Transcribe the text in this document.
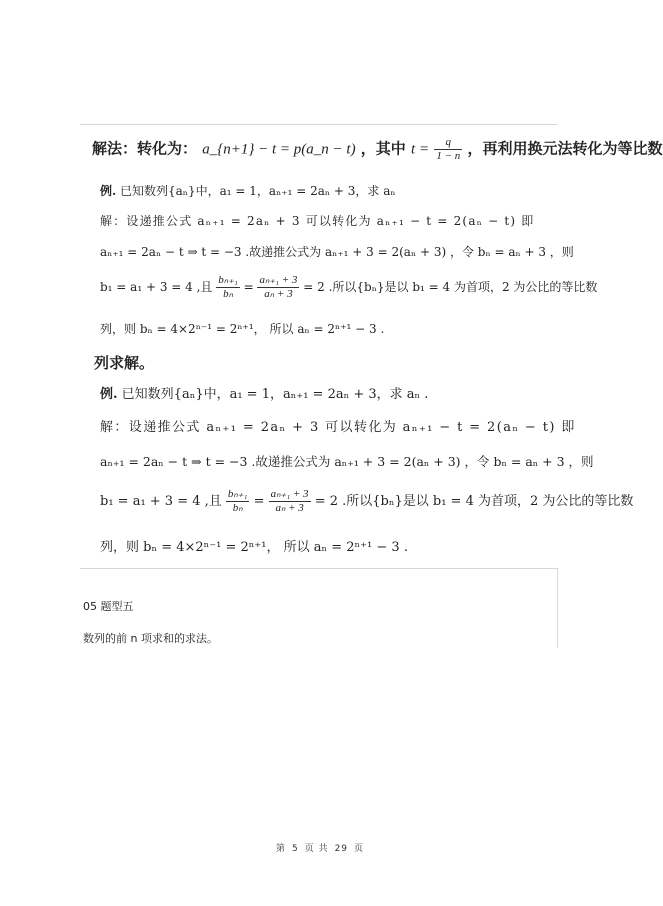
解法：转化为： a_{n+1} − t = p(a_n − t) ，其中 $t = \frac{q}{1 - n}$ ，再利用换元法转化为等比数
例. 已知数列{aₙ}中，a₁ = 1，aₙ₊₁ = 2aₙ + 3，求 aₙ
解：设递推公式 aₙ₊₁ = 2aₙ + 3 可以转化为 aₙ₊₁ − t = 2(aₙ − t) 即
aₙ₊₁ = 2aₙ − t ⇒ t = −3 .故递推公式为 aₙ₊₁ + 3 = 2(aₙ + 3) ，令 bₙ = aₙ + 3 ，则
b₁ = a₁ + 3 = 4 ,且 $\frac{\text{bₙ₊₁}}{\text{bₙ}} = \frac{\text{aₙ₊₁ + 3}}{\text{aₙ + 3}} = 2$ .所以{bₙ}是以 b₁ = 4 为首项，2 为公比的等比数
列，则 bₙ = 4×2ⁿ⁻¹ = 2ⁿ⁺¹， 所以 aₙ = 2ⁿ⁺¹ − 3 .
列求解。
例. 已知数列{aₙ}中，a₁ = 1，aₙ₊₁ = 2aₙ + 3，求 aₙ .
解：设递推公式 aₙ₊₁ = 2aₙ + 3 可以转化为 aₙ₊₁ − t = 2(aₙ − t) 即
aₙ₊₁ = 2aₙ − t ⇒ t = −3 .故递推公式为 aₙ₊₁ + 3 = 2(aₙ + 3) ，令 bₙ = aₙ + 3 ，则
b₁ = a₁ + 3 = 4 ,且 $\frac{\text{bₙ₊₁}}{\text{bₙ}} = \frac{\text{aₙ₊₁ + 3}}{\text{aₙ + 3}} = 2$ .所以{bₙ}是以 b₁ = 4 为首项，2 为公比的等比数
列，则 bₙ = 4×2ⁿ⁻¹ = 2ⁿ⁺¹， 所以 aₙ = 2ⁿ⁺¹ − 3 .
05 题型五
数列的前 n 项求和的求法。
第 5 页 共 29 页
